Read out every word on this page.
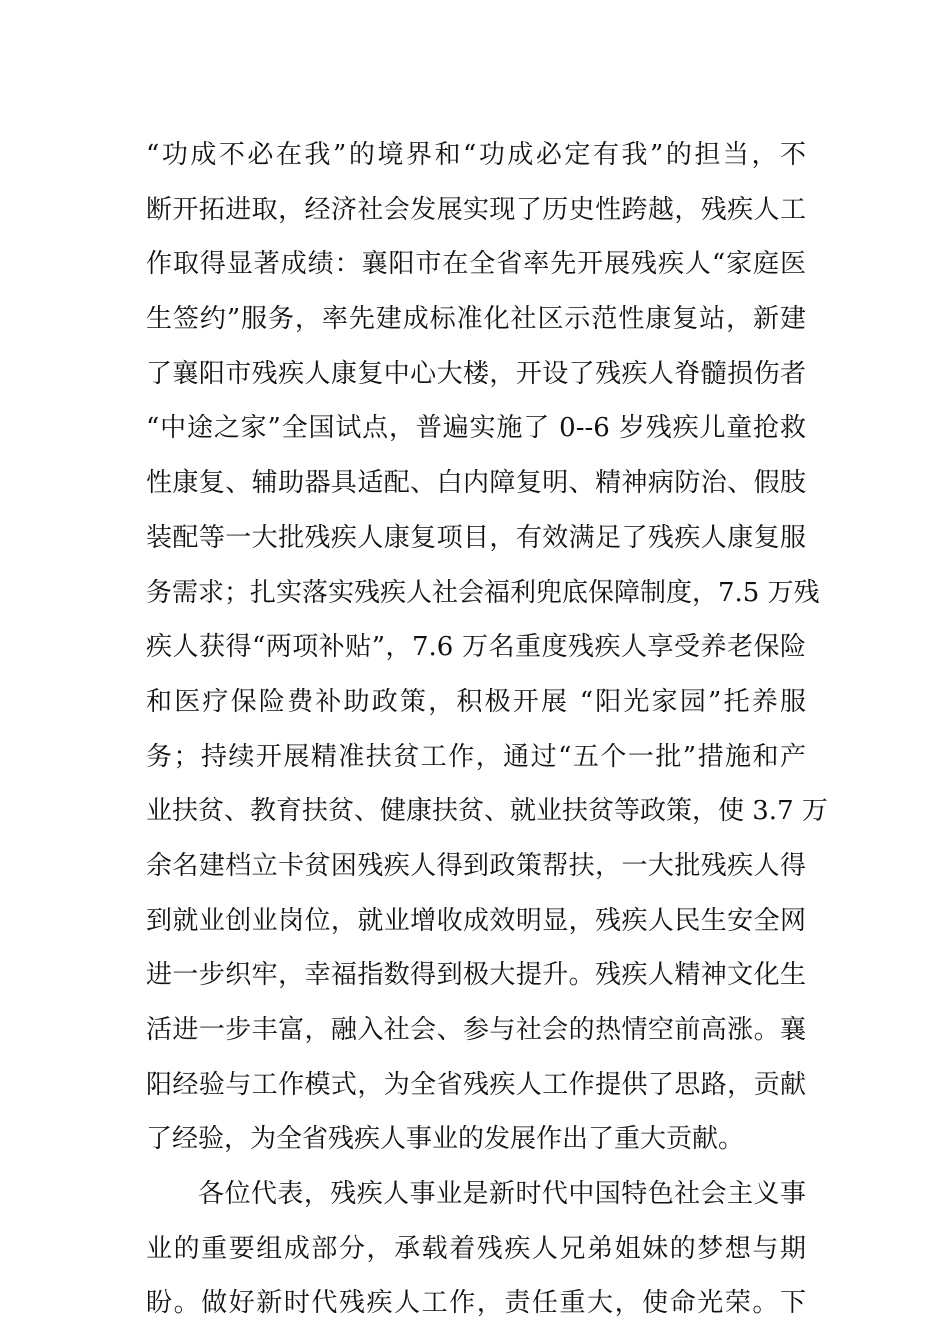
“功成不必在我”的境界和“功成必定有我”的担当，不
断开拓进取，经济社会发展实现了历史性跨越，残疾人工
作取得显著成绩：襄阳市在全省率先开展残疾人“家庭医
生签约”服务，率先建成标准化社区示范性康复站，新建
了襄阳市残疾人康复中心大楼，开设了残疾人脊髓损伤者
“中途之家”全国试点，普遍实施了 0--6 岁残疾儿童抢救
性康复、辅助器具适配、白内障复明、精神病防治、假肢
装配等一大批残疾人康复项目，有效满足了残疾人康复服
务需求；扎实落实残疾人社会福利兜底保障制度，7.5 万残
疾人获得“两项补贴”，7.6 万名重度残疾人享受养老保险
和医疗保险费补助政策，积极开展 “阳光家园”托养服
务；持续开展精准扶贫工作，通过“五个一批”措施和产
业扶贫、教育扶贫、健康扶贫、就业扶贫等政策，使 3.7 万
余名建档立卡贫困残疾人得到政策帮扶，一大批残疾人得
到就业创业岗位，就业增收成效明显，残疾人民生安全网
进一步织牢，幸福指数得到极大提升。残疾人精神文化生
活进一步丰富，融入社会、参与社会的热情空前高涨。襄
阳经验与工作模式，为全省残疾人工作提供了思路，贡献
了经验，为全省残疾人事业的发展作出了重大贡献。
各位代表，残疾人事业是新时代中国特色社会主义事
业的重要组成部分，承载着残疾人兄弟姐妹的梦想与期
盼。做好新时代残疾人工作，责任重大，使命光荣。下
